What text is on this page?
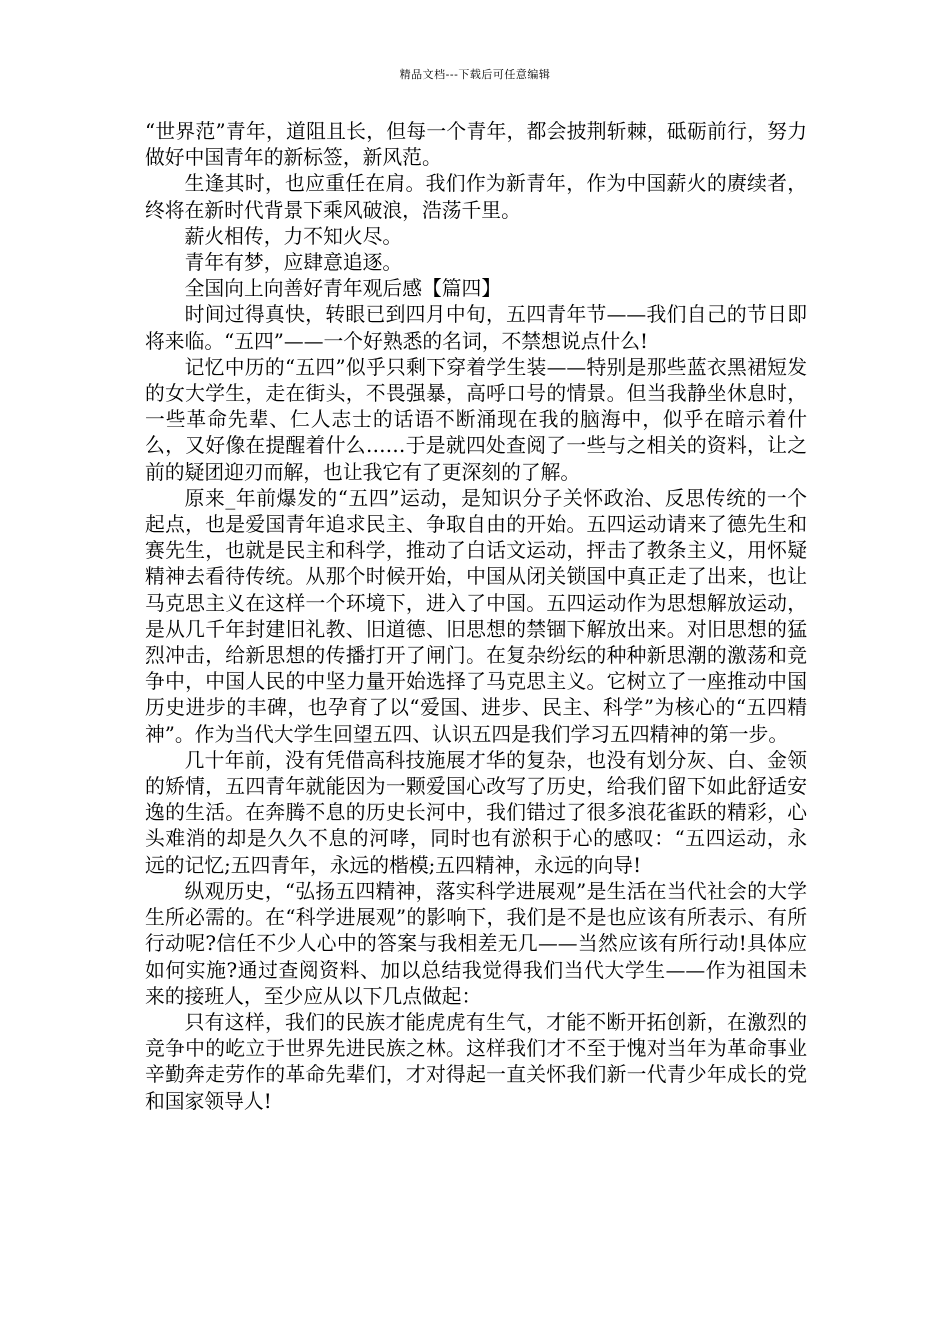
精品文档---下载后可任意编辑

“世界范”青年，道阻且长，但每一个青年，都会披荆斩棘，砥砺前行，努力做好中国青年的新标签，新风范。

生逢其时，也应重任在肩。我们作为新青年，作为中国薪火的赓续者，终将在新时代背景下乘风破浪，浩荡千里。

薪火相传，力不知火尽。

青年有梦，应肆意追逐。

全国向上向善好青年观后感【篇四】

时间过得真快，转眼已到四月中旬，五四青年节——我们自己的节日即将来临。“五四”——一个好熟悉的名词，不禁想说点什么!

记忆中历的“五四”似乎只剩下穿着学生装——特别是那些蓝衣黑裙短发的女大学生，走在街头，不畏强暴，高呼口号的情景。但当我静坐休息时，一些革命先辈、仁人志士的话语不断涌现在我的脑海中，似乎在暗示着什么，又好像在提醒着什么……于是就四处查阅了一些与之相关的资料，让之前的疑团迎刃而解，也让我它有了更深刻的了解。

原来_年前爆发的“五四”运动，是知识分子关怀政治、反思传统的一个起点，也是爱国青年追求民主、争取自由的开始。五四运动请来了德先生和赛先生，也就是民主和科学，推动了白话文运动，抨击了教条主义，用怀疑精神去看待传统。从那个时候开始，中国从闭关锁国中真正走了出来，也让马克思主义在这样一个环境下，进入了中国。五四运动作为思想解放运动，是从几千年封建旧礼教、旧道德、旧思想的禁锢下解放出来。对旧思想的猛烈冲击，给新思想的传播打开了闸门。在复杂纷纭的种种新思潮的激荡和竞争中，中国人民的中坚力量开始选择了马克思主义。它树立了一座推动中国历史进步的丰碑，也孕育了以“爱国、进步、民主、科学”为核心的“五四精神”。作为当代大学生回望五四、认识五四是我们学习五四精神的第一步。

几十年前，没有凭借高科技施展才华的复杂，也没有划分灰、白、金领的矫情，五四青年就能因为一颗爱国心改写了历史，给我们留下如此舒适安逸的生活。在奔腾不息的历史长河中，我们错过了很多浪花雀跃的精彩，心头难消的却是久久不息的河哮，同时也有淤积于心的感叹：“五四运动，永远的记忆;五四青年，永远的楷模;五四精神，永远的向导!

纵观历史，“弘扬五四精神，落实科学进展观”是生活在当代社会的大学生所必需的。在“科学进展观”的影响下，我们是不是也应该有所表示、有所行动呢?信任不少人心中的答案与我相差无几——当然应该有所行动!具体应如何实施?通过查阅资料、加以总结我觉得我们当代大学生——作为祖国未来的接班人，至少应从以下几点做起：

只有这样，我们的民族才能虎虎有生气，才能不断开拓创新，在激烈的竞争中的屹立于世界先进民族之林。这样我们才不至于愧对当年为革命事业辛勤奔走劳作的革命先辈们，才对得起一直关怀我们新一代青少年成长的党和国家领导人!
